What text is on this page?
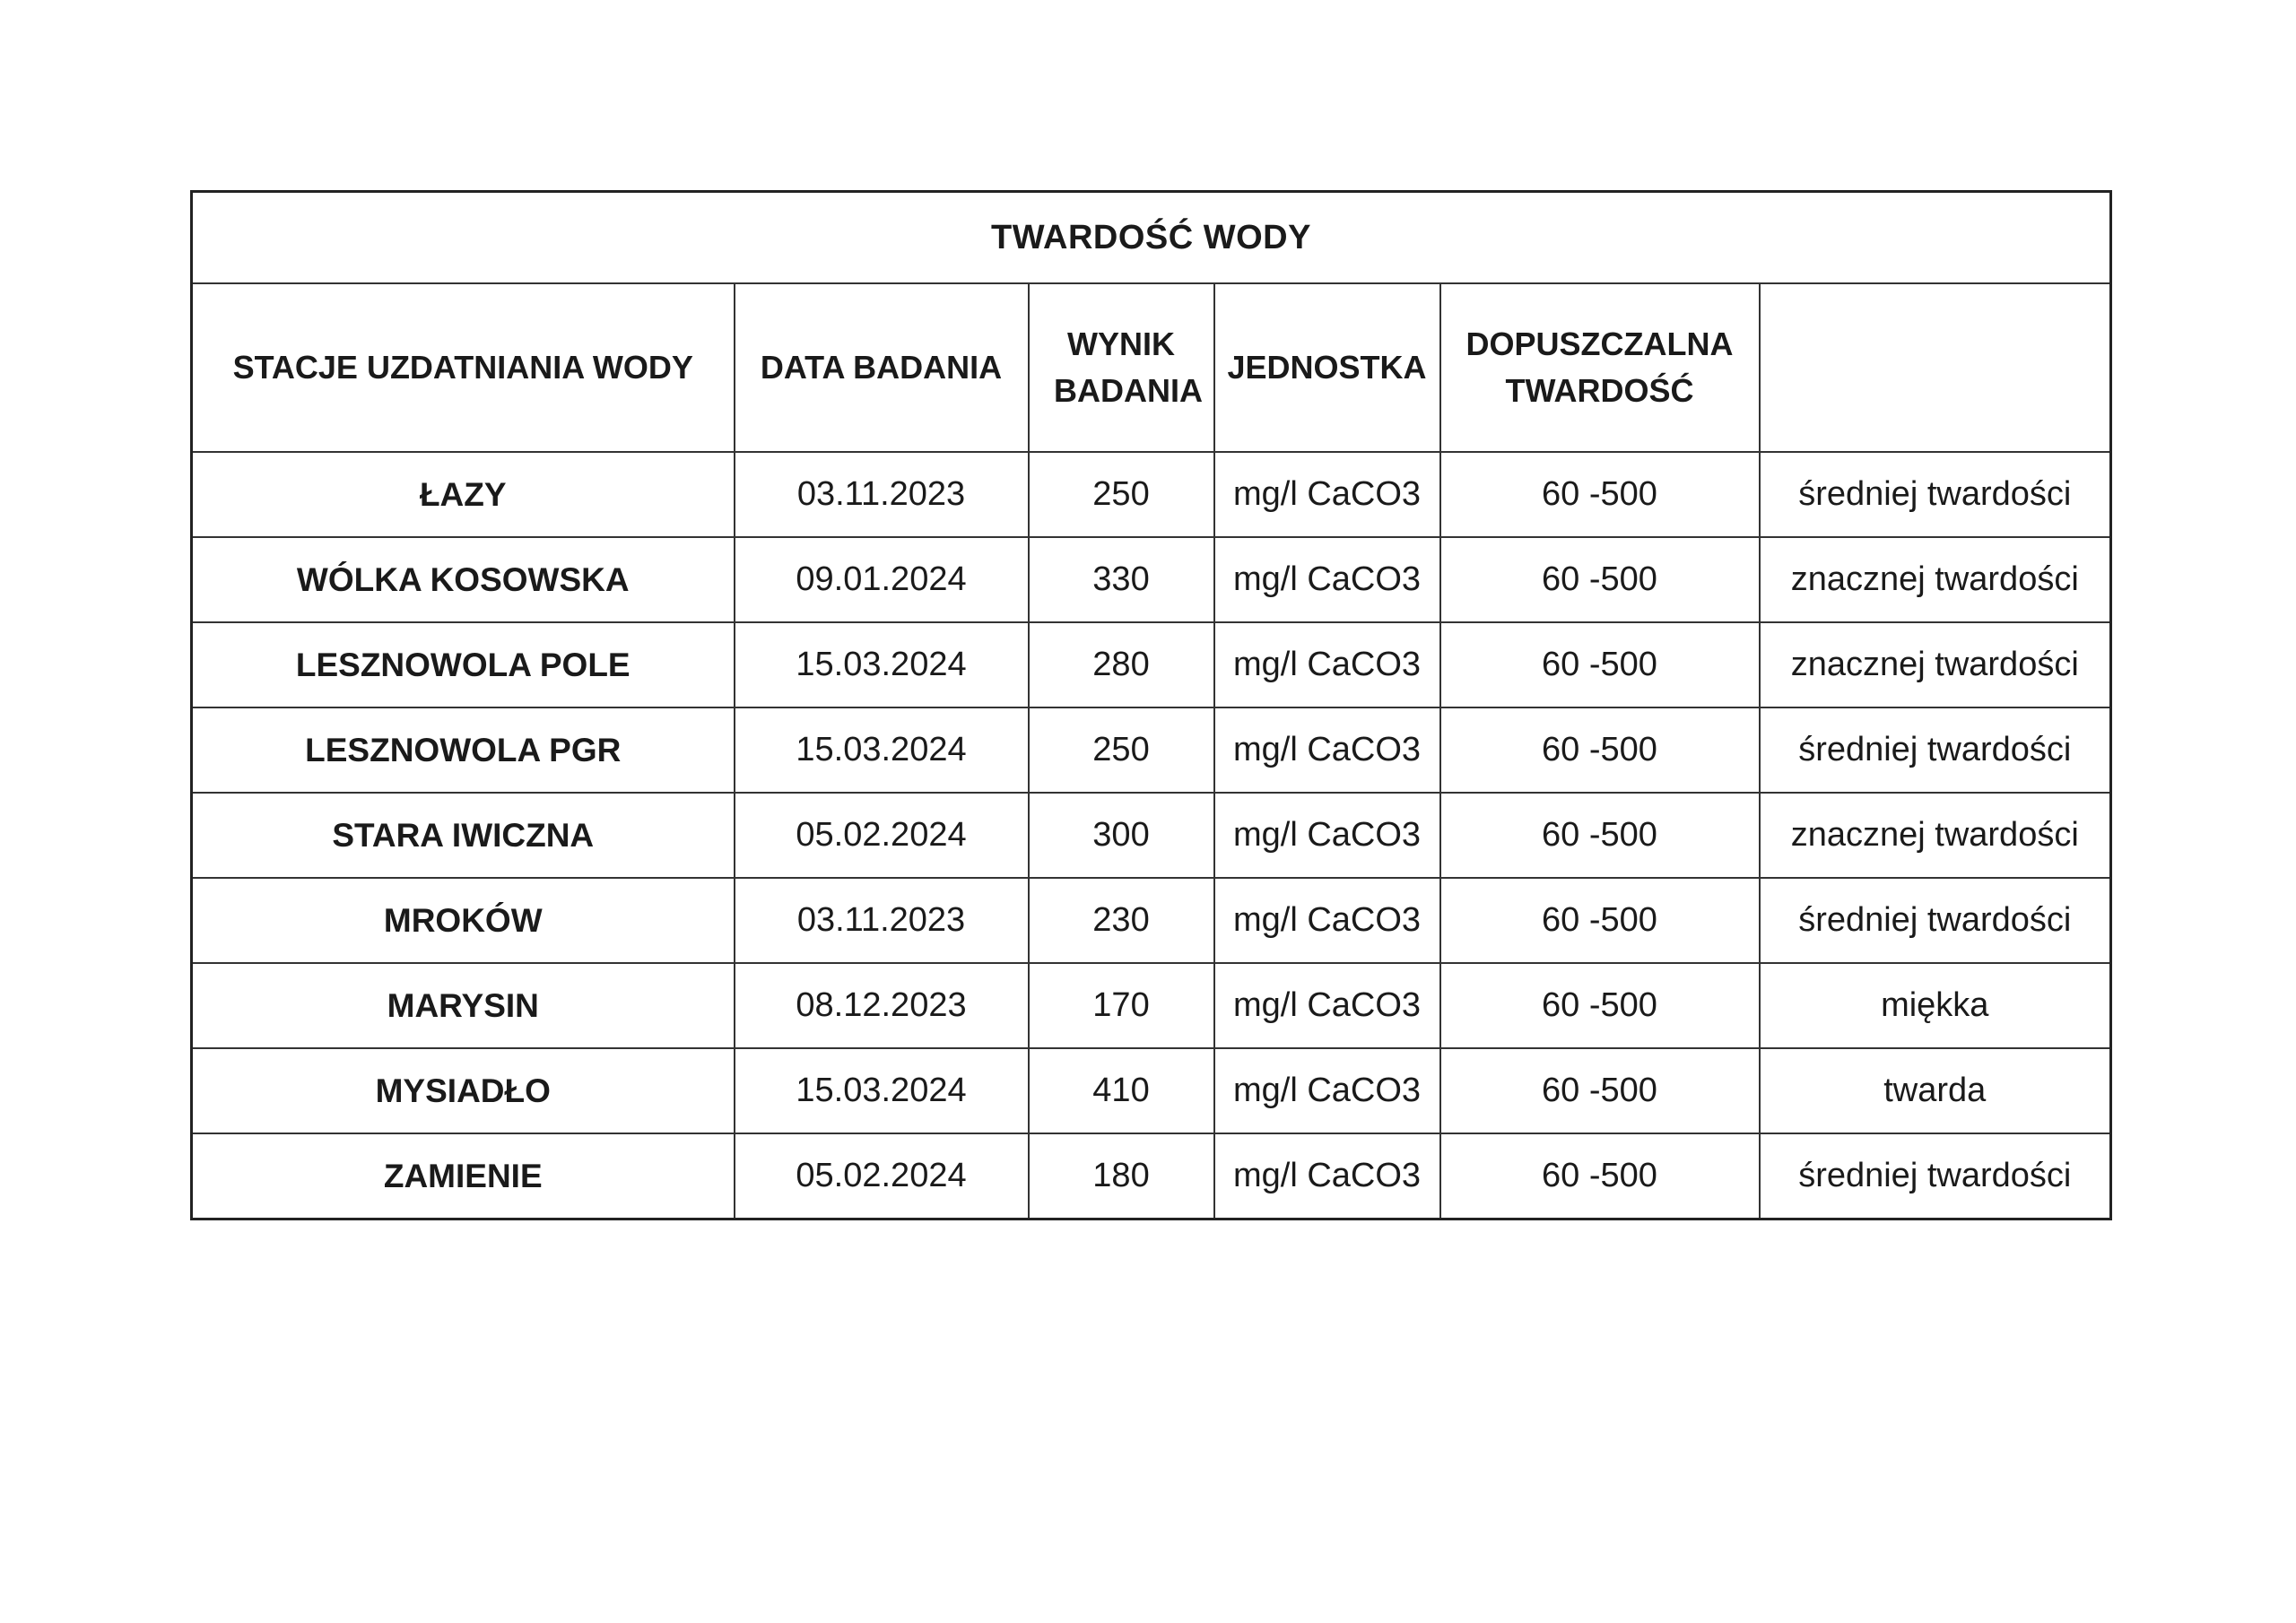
TWARDOŚĆ WODY					
STACJE UZDATNIANIA WODY	DATA BADANIA	WYNIK BADANIA	JEDNOSTKA	DOPUSZCZALNA TWARDOŚĆ	
ŁAZY	03.11.2023	250	mg/l CaCO3	60 -500	średniej twardości
WÓLKA KOSOWSKA	09.01.2024	330	mg/l CaCO3	60 -500	znacznej twardości
LESZNOWOLA POLE	15.03.2024	280	mg/l CaCO3	60 -500	znacznej twardości
LESZNOWOLA PGR	15.03.2024	250	mg/l CaCO3	60 -500	średniej twardości
STARA IWICZNA	05.02.2024	300	mg/l CaCO3	60 -500	znacznej twardości
MROKÓW	03.11.2023	230	mg/l CaCO3	60 -500	średniej twardości
MARYSIN	08.12.2023	170	mg/l CaCO3	60 -500	miękka
MYSIADŁO	15.03.2024	410	mg/l CaCO3	60 -500	twarda
ZAMIENIE	05.02.2024	180	mg/l CaCO3	60 -500	średniej twardości
